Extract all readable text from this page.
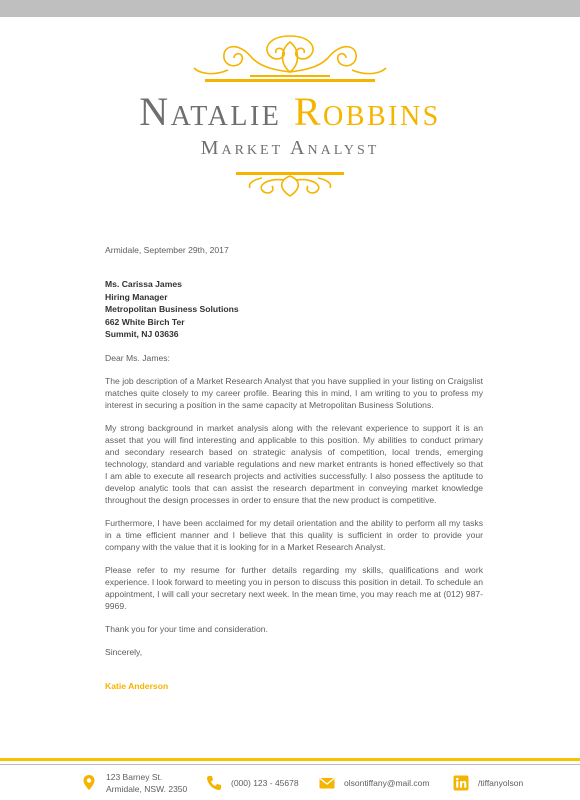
Natalie Robbins
Market Analyst

Armidale, September 29th, 2017

Ms. Carissa James
Hiring Manager
Metropolitan Business Solutions
662 White Birch Ter
Summit, NJ 03636

Dear Ms. James:

The job description of a Market Research Analyst that you have supplied in your listing on Craigslist matches quite closely to my career profile. Bearing this in mind, I am writing to you to profess my interest in securing a position in the same capacity at Metropolitan Business Solutions.

My strong background in market analysis along with the relevant experience to support it is an asset that you will find interesting and applicable to this position. My abilities to conduct primary and secondary research based on strategic analysis of competition, local trends, emerging technology, standard and variable regulations and new market entrants is honed effectively so that I am able to execute all research projects and activities successfully. I also possess the aptitude to develop analytic tools that can assist the research department in conveying market knowledge throughout the design processes in order to ensure that the new product is competitive.

Furthermore, I have been acclaimed for my detail orientation and the ability to perform all my tasks in a time efficient manner and I believe that this quality is sufficient in order to provide your company with the value that it is looking for in a Market Research Analyst.

Please refer to my resume for further details regarding my skills, qualifications and work experience. I look forward to meeting you in person to discuss this position in detail. To schedule an appointment, I will call your secretary next week. In the mean time, you may reach me at (012) 987-9969.

Thank you for your time and consideration.

Sincerely,

Katie Anderson

123 Barney St.
Armidale, NSW. 2350
(000) 123 - 45678	olsontiffany@mail.com	/tiffanyolson
